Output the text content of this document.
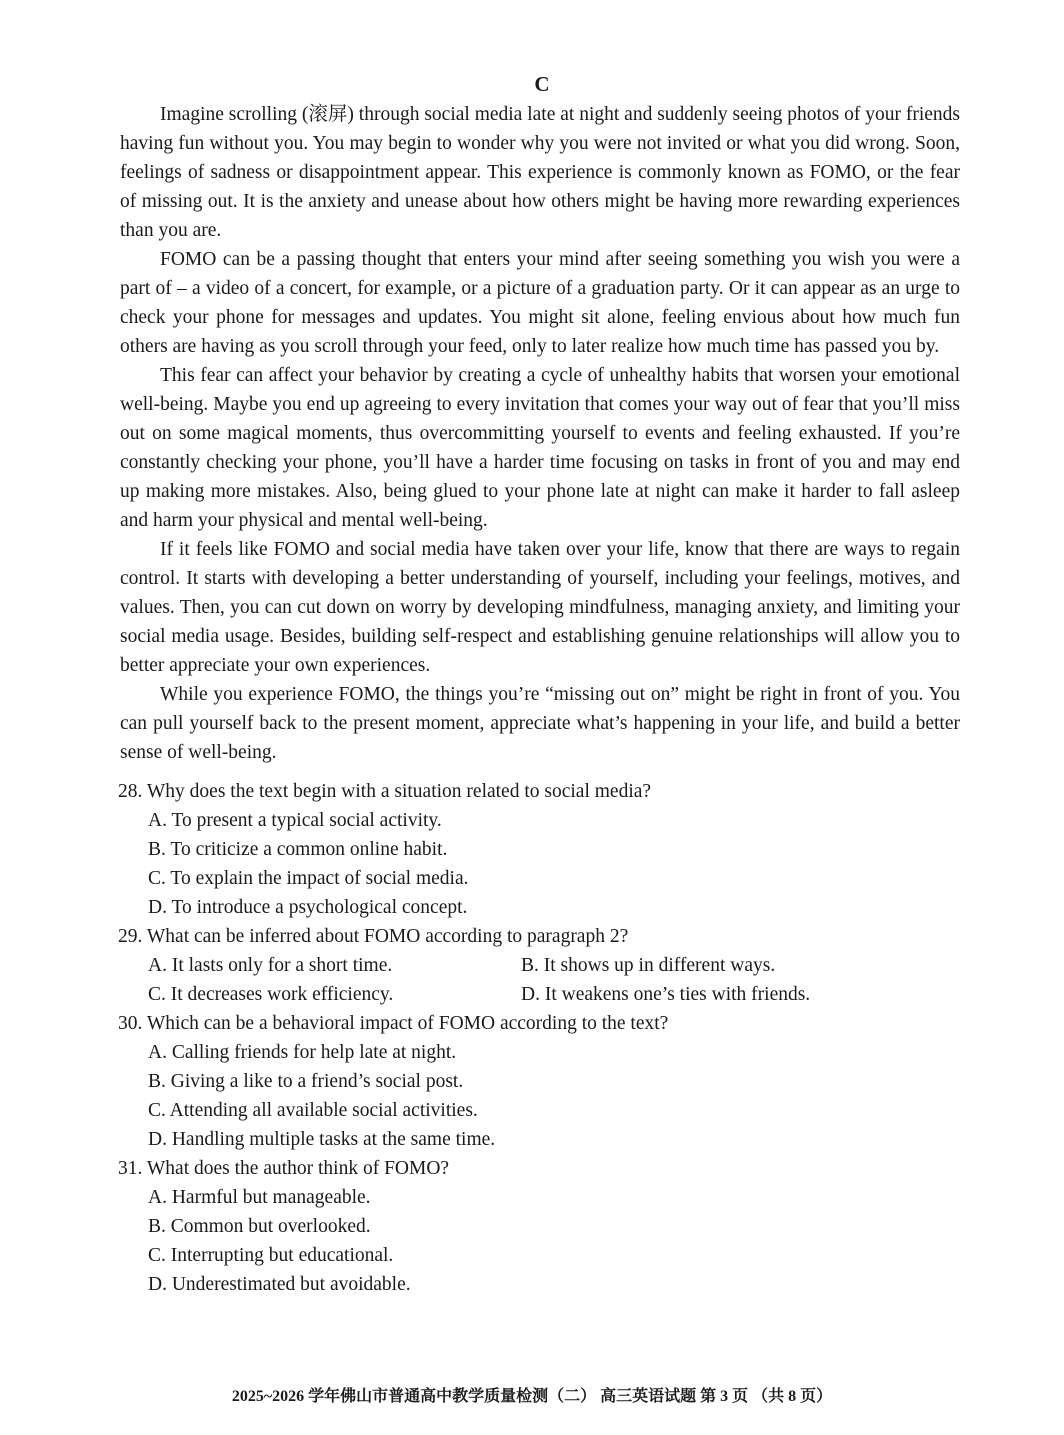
C

Imagine scrolling (滚屏) through social media late at night and suddenly seeing photos of your friends having fun without you. You may begin to wonder why you were not invited or what you did wrong. Soon, feelings of sadness or disappointment appear. This experience is commonly known as FOMO, or the fear of missing out. It is the anxiety and unease about how others might be having more rewarding experiences than you are.

FOMO can be a passing thought that enters your mind after seeing something you wish you were a part of – a video of a concert, for example, or a picture of a graduation party. Or it can appear as an urge to check your phone for messages and updates. You might sit alone, feeling envious about how much fun others are having as you scroll through your feed, only to later realize how much time has passed you by.

This fear can affect your behavior by creating a cycle of unhealthy habits that worsen your emotional well-being. Maybe you end up agreeing to every invitation that comes your way out of fear that you’ll miss out on some magical moments, thus overcommitting yourself to events and feeling exhausted. If you’re constantly checking your phone, you’ll have a harder time focusing on tasks in front of you and may end up making more mistakes. Also, being glued to your phone late at night can make it harder to fall asleep and harm your physical and mental well-being.

If it feels like FOMO and social media have taken over your life, know that there are ways to regain control. It starts with developing a better understanding of yourself, including your feelings, motives, and values. Then, you can cut down on worry by developing mindfulness, managing anxiety, and limiting your social media usage. Besides, building self-respect and establishing genuine relationships will allow you to better appreciate your own experiences.

While you experience FOMO, the things you’re “missing out on” might be right in front of you. You can pull yourself back to the present moment, appreciate what’s happening in your life, and build a better sense of well-being.

28. Why does the text begin with a situation related to social media?

A. To present a typical social activity.

B. To criticize a common online habit.

C. To explain the impact of social media.

D. To introduce a psychological concept.

29. What can be inferred about FOMO according to paragraph 2?

A. It lasts only for a short time.	B. It shows up in different ways.

C. It decreases work efficiency.	D. It weakens one’s ties with friends.

30. Which can be a behavioral impact of FOMO according to the text?

A. Calling friends for help late at night.

B. Giving a like to a friend’s social post.

C. Attending all available social activities.

D. Handling multiple tasks at the same time.

31. What does the author think of FOMO?

A. Harmful but manageable.

B. Common but overlooked.

C. Interrupting but educational.

D. Underestimated but avoidable.

2025~2026 学年佛山市普通高中教学质量检测（二） 高三英语试题 第 3 页 （共 8 页）
